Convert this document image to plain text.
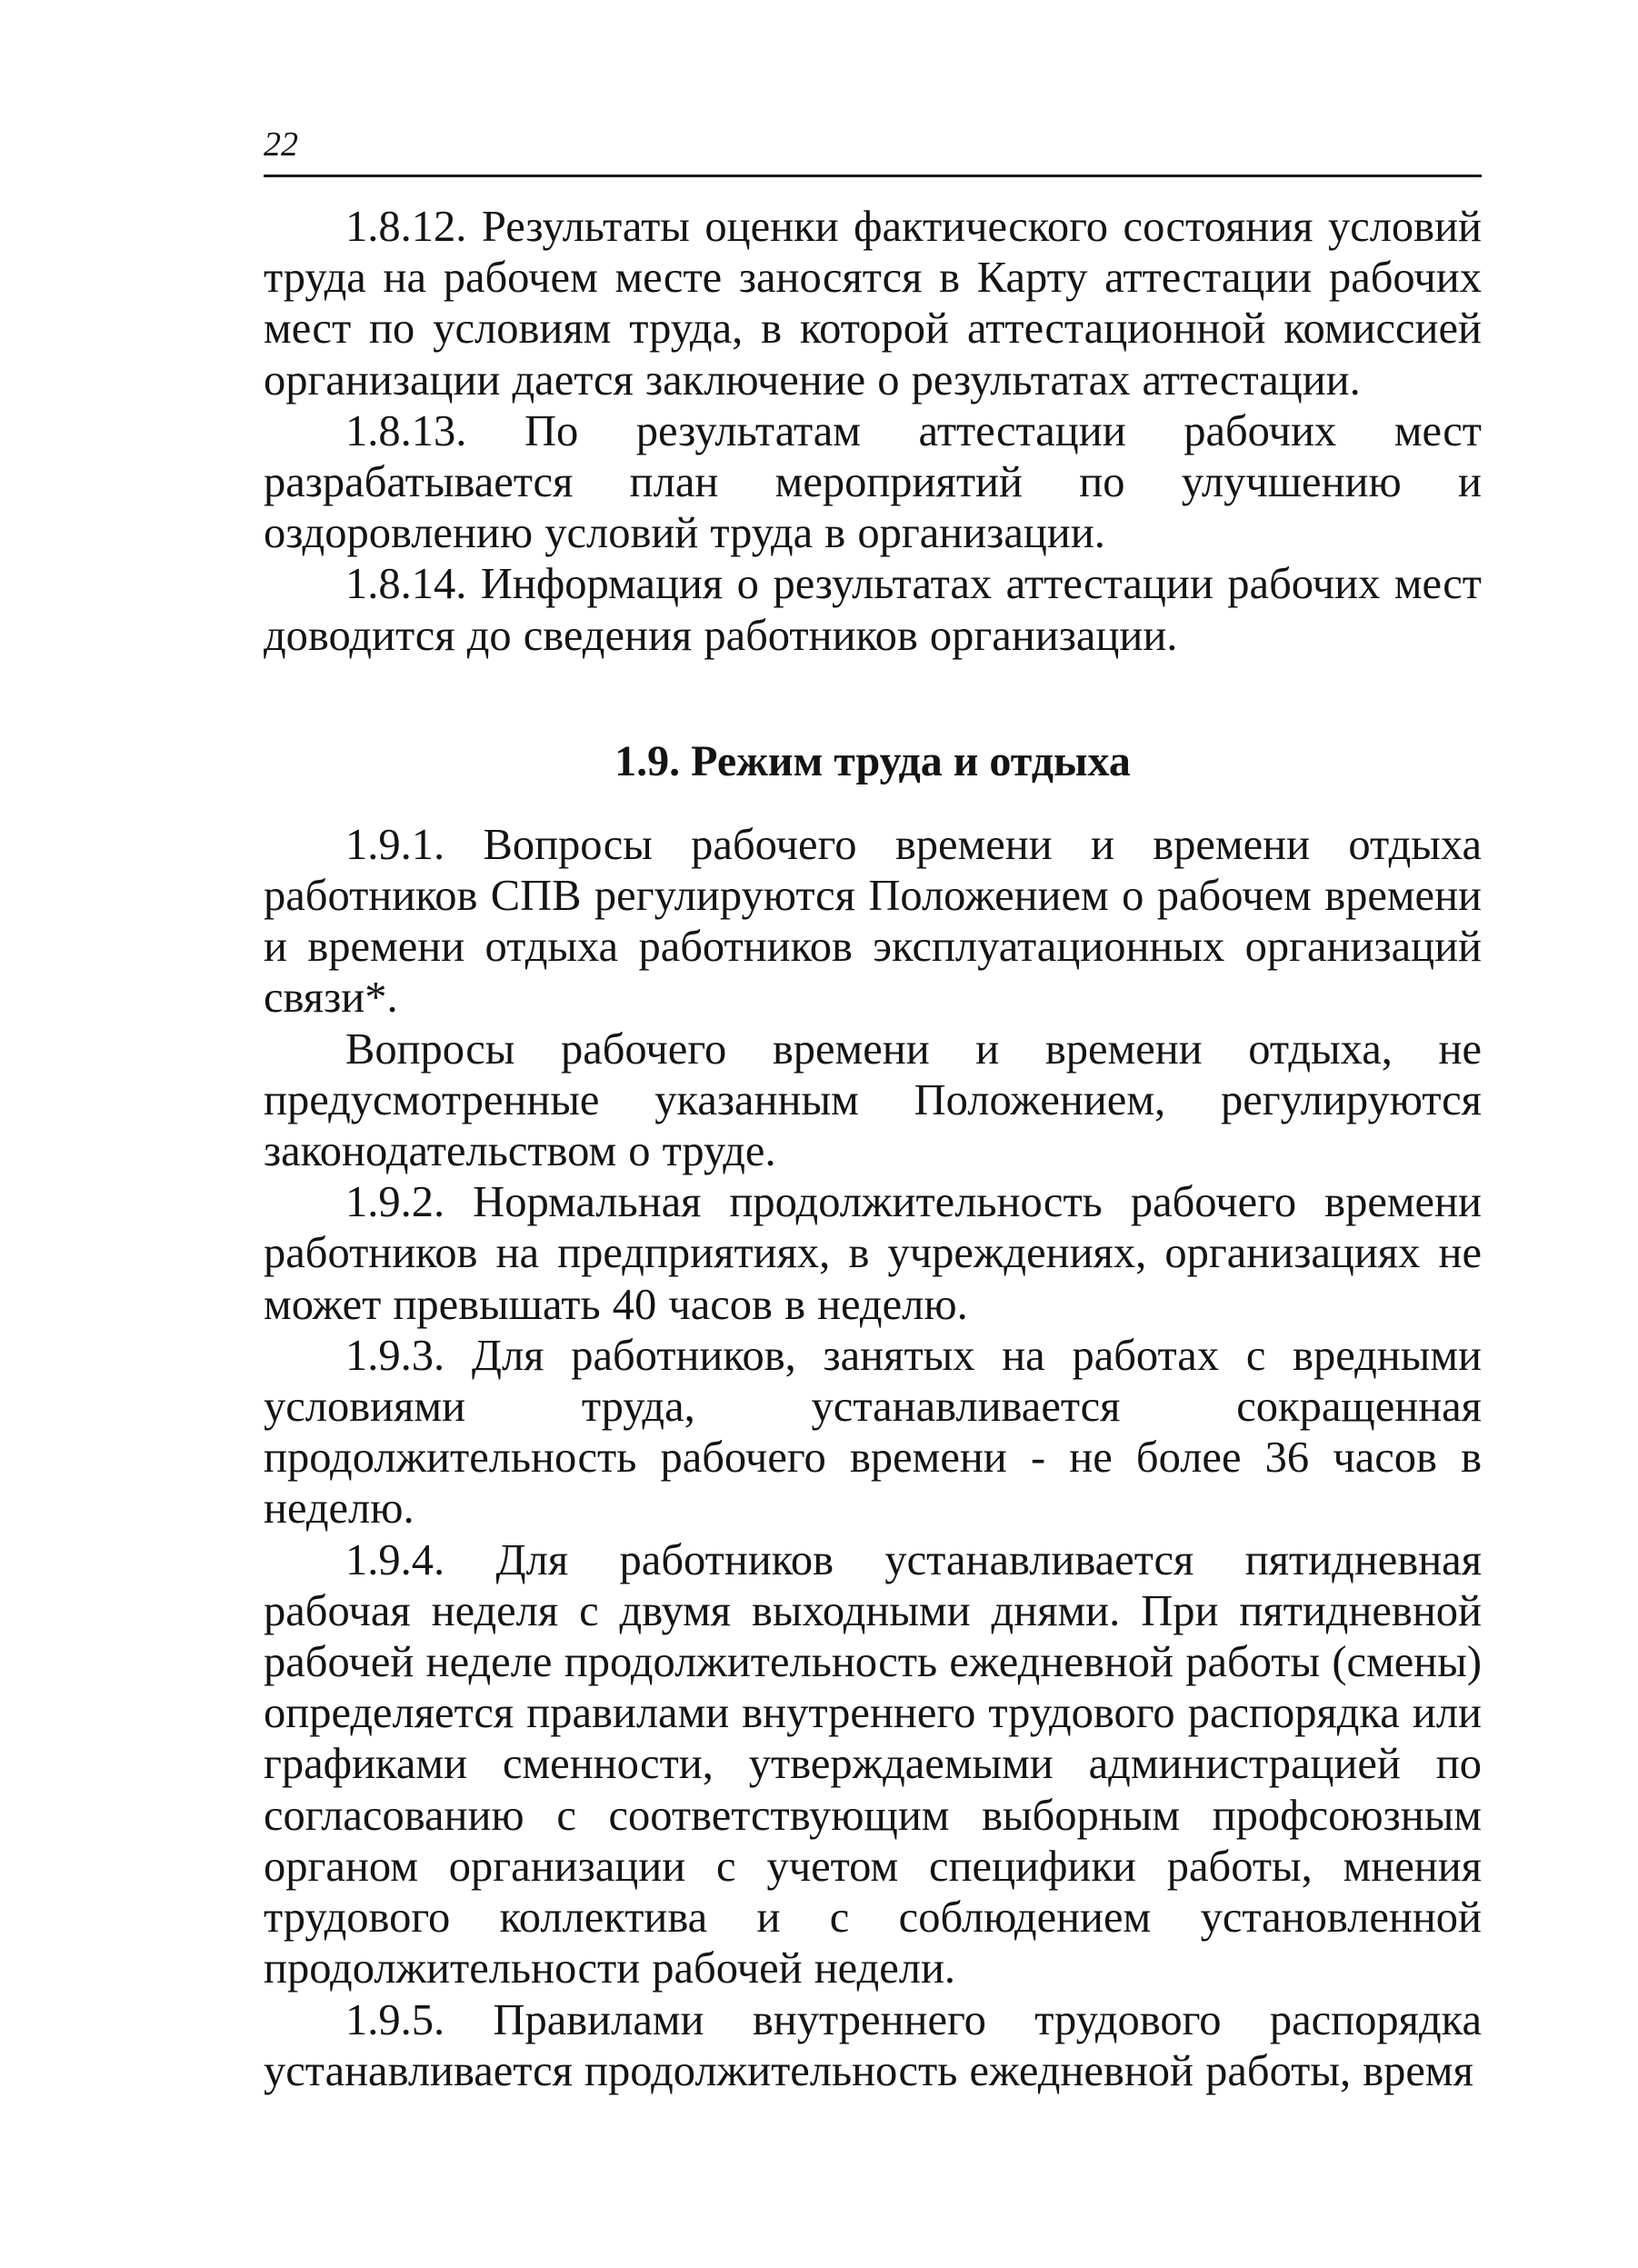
22

1.8.12. Результаты оценки фактического состояния условий труда на рабочем месте заносятся в Карту аттестации рабочих мест по условиям труда, в которой аттестационной комиссией организации дается заключение о результатах аттестации.

1.8.13. По результатам аттестации рабочих мест разрабатывается план мероприятий по улучшению и оздоровлению условий труда в организации.

1.8.14. Информация о результатах аттестации рабочих мест доводится до сведения работников организации.

1.9. Режим труда и отдыха

1.9.1. Вопросы рабочего времени и времени отдыха работников СПВ регулируются Положением о рабочем времени и времени отдыха работников эксплуатационных организаций связи*.

Вопросы рабочего времени и времени отдыха, не предусмотренные указанным Положением, регулируются законодательством о труде.

1.9.2. Нормальная продолжительность рабочего времени работников на предприятиях, в учреждениях, организациях не может превышать 40 часов в неделю.

1.9.3. Для работников, занятых на работах с вредными условиями труда, устанавливается сокращенная продолжительность рабочего времени - не более 36 часов в неделю.

1.9.4. Для работников устанавливается пятидневная рабочая неделя с двумя выходными днями. При пятидневной рабочей неделе продолжительность ежедневной работы (смены) определяется правилами внутреннего трудового распорядка или графиками сменности, утверждаемыми администрацией по согласованию с соответствующим выборным профсоюзным органом организации с учетом специфики работы, мнения трудового коллектива и с соблюдением установленной продолжительности рабочей недели.

1.9.5. Правилами внутреннего трудового распорядка устанавливается продолжительность ежедневной работы, время
